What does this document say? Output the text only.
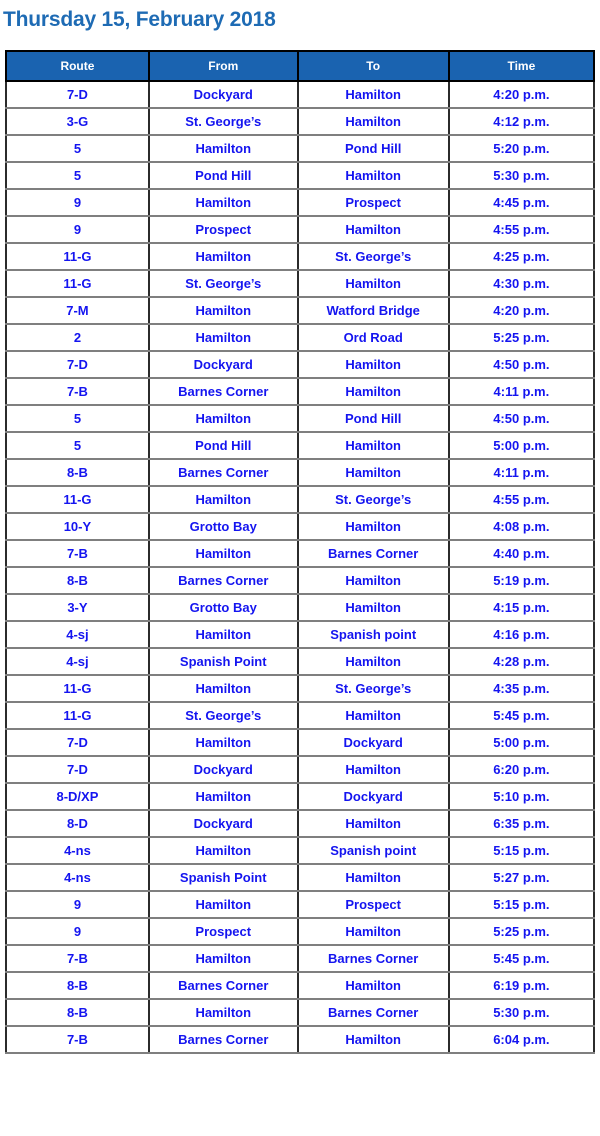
Thursday 15, February 2018
Route	From	To	Time
7-D	Dockyard	Hamilton	4:20 p.m.
3-G	St. George’s	Hamilton	4:12 p.m.
5	Hamilton	Pond Hill	5:20 p.m.
5	Pond Hill	Hamilton	5:30 p.m.
9	Hamilton	Prospect	4:45 p.m.
9	Prospect	Hamilton	4:55 p.m.
11-G	Hamilton	St. George’s	4:25 p.m.
11-G	St. George’s	Hamilton	4:30 p.m.
7-M	Hamilton	Watford Bridge	4:20 p.m.
2	Hamilton	Ord Road	5:25 p.m.
7-D	Dockyard	Hamilton	4:50 p.m.
7-B	Barnes Corner	Hamilton	4:11 p.m.
5	Hamilton	Pond Hill	4:50 p.m.
5	Pond Hill	Hamilton	5:00 p.m.
8-B	Barnes Corner	Hamilton	4:11 p.m.
11-G	Hamilton	St. George’s	4:55 p.m.
10-Y	Grotto Bay	Hamilton	4:08 p.m.
7-B	Hamilton	Barnes Corner	4:40 p.m.
8-B	Barnes Corner	Hamilton	5:19 p.m.
3-Y	Grotto Bay	Hamilton	4:15 p.m.
4-sj	Hamilton	Spanish point	4:16 p.m.
4-sj	Spanish Point	Hamilton	4:28 p.m.
11-G	Hamilton	St. George’s	4:35 p.m.
11-G	St. George’s	Hamilton	5:45 p.m.
7-D	Hamilton	Dockyard	5:00 p.m.
7-D	Dockyard	Hamilton	6:20 p.m.
8-D/XP	Hamilton	Dockyard	5:10 p.m.
8-D	Dockyard	Hamilton	6:35 p.m.
4-ns	Hamilton	Spanish point	5:15 p.m.
4-ns	Spanish Point	Hamilton	5:27 p.m.
9	Hamilton	Prospect	5:15 p.m.
9	Prospect	Hamilton	5:25 p.m.
7-B	Hamilton	Barnes Corner	5:45 p.m.
8-B	Barnes Corner	Hamilton	6:19 p.m.
8-B	Hamilton	Barnes Corner	5:30 p.m.
7-B	Barnes Corner	Hamilton	6:04 p.m.
